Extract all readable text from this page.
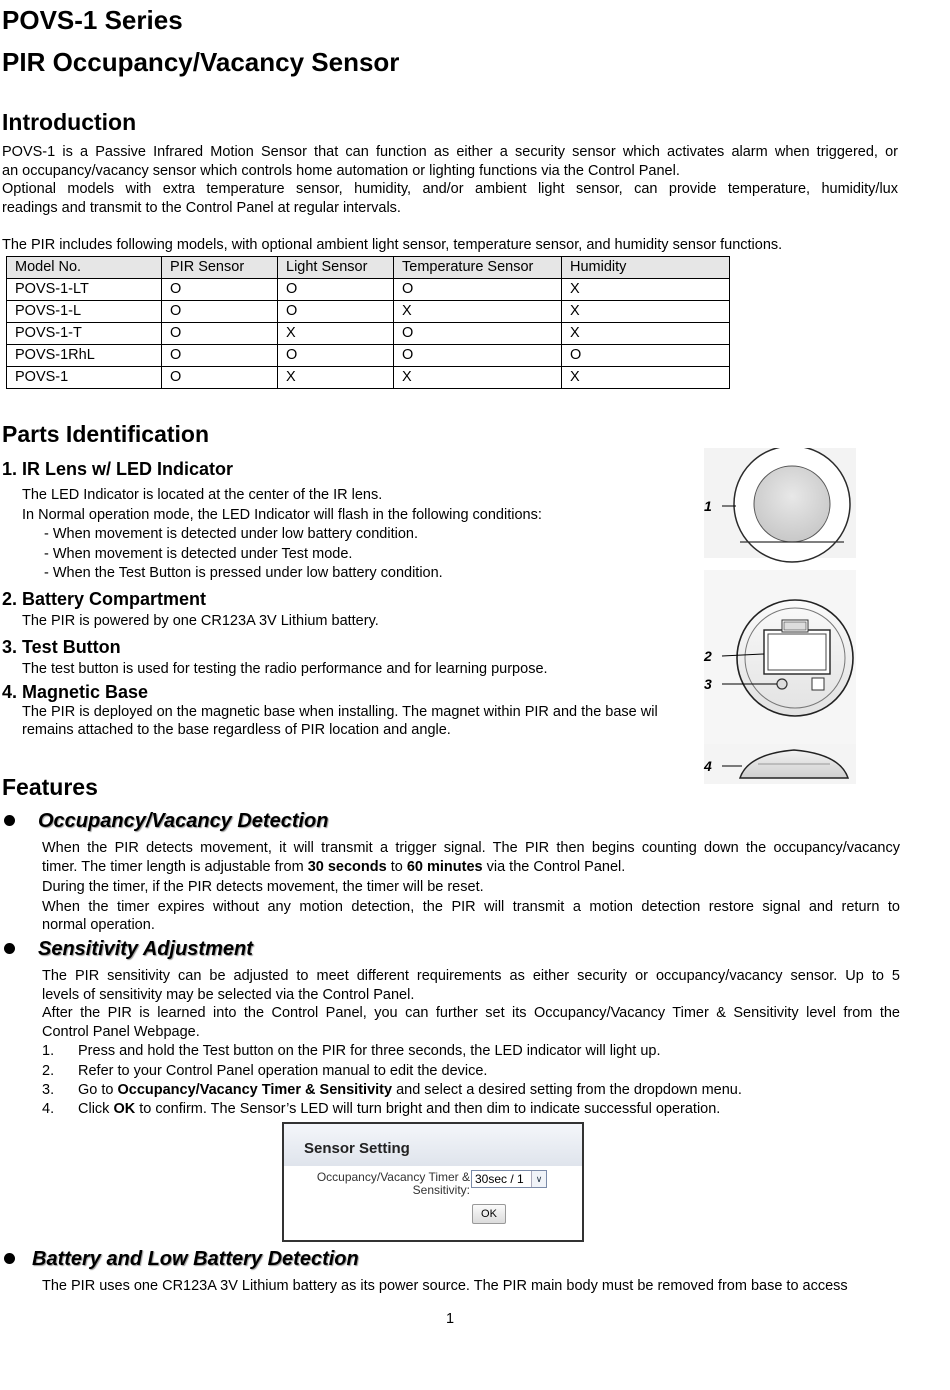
POVS-1 Series
PIR Occupancy/Vacancy Sensor
Introduction
POVS-1 is a Passive Infrared Motion Sensor that can function as either a security sensor which activates alarm when triggered, or
an occupancy/vacancy sensor which controls home automation or lighting functions via the Control Panel.
Optional models with extra temperature sensor, humidity, and/or ambient light sensor, can provide temperature, humidity/lux
readings and transmit to the Control Panel at regular intervals.
The PIR includes following models, with optional ambient light sensor, temperature sensor, and humidity sensor functions.
Model No.	PIR Sensor	Light Sensor	Temperature Sensor	Humidity
POVS-1-LT	O	O	O	X
POVS-1-L	O	O	X	X
POVS-1-T	O	X	O	X
POVS-1RhL	O	O	O	O
POVS-1	O	X	X	X
Parts Identification
1. IR Lens w/ LED Indicator
The LED Indicator is located at the center of the IR lens.
In Normal operation mode, the LED Indicator will flash in the following conditions:
- When movement is detected under low battery condition.
- When movement is detected under Test mode.
- When the Test Button is pressed under low battery condition.
2. Battery Compartment
The PIR is powered by one CR123A 3V Lithium battery.
3. Test Button
The test button is used for testing the radio performance and for learning purpose.
4. Magnetic Base
The PIR is deployed on the magnetic base when installing. The magnet within PIR and the base wil
remains attached to the base regardless of PIR location and angle.
1
2
3
4
Features
Occupancy/Vacancy Detection
When the PIR detects movement, it will transmit a trigger signal. The PIR then begins counting down the occupancy/vacancy
timer. The timer length is adjustable from 30 seconds to 60 minutes via the Control Panel.
During the timer, if the PIR detects movement, the timer will be reset.
When the timer expires without any motion detection, the PIR will transmit a motion detection restore signal and return to
normal operation.
Sensitivity Adjustment
The PIR sensitivity can be adjusted to meet different requirements as either security or occupancy/vacancy sensor. Up to 5
levels of sensitivity may be selected via the Control Panel.
After the PIR is learned into the Control Panel, you can further set its Occupancy/Vacancy Timer & Sensitivity level from the
Control Panel Webpage.
1. Press and hold the Test button on the PIR for three seconds, the LED indicator will light up.
2. Refer to your Control Panel operation manual to edit the device.
3. Go to Occupancy/Vacancy Timer & Sensitivity and select a desired setting from the dropdown menu.
4. Click OK to confirm. The Sensor’s LED will turn bright and then dim to indicate successful operation.
Sensor Setting
Occupancy/Vacancy Timer &
Sensitivity:
30sec / 1	∨
OK
Battery and Low Battery Detection
The PIR uses one CR123A 3V Lithium battery as its power source. The PIR main body must be removed from base to access
1
